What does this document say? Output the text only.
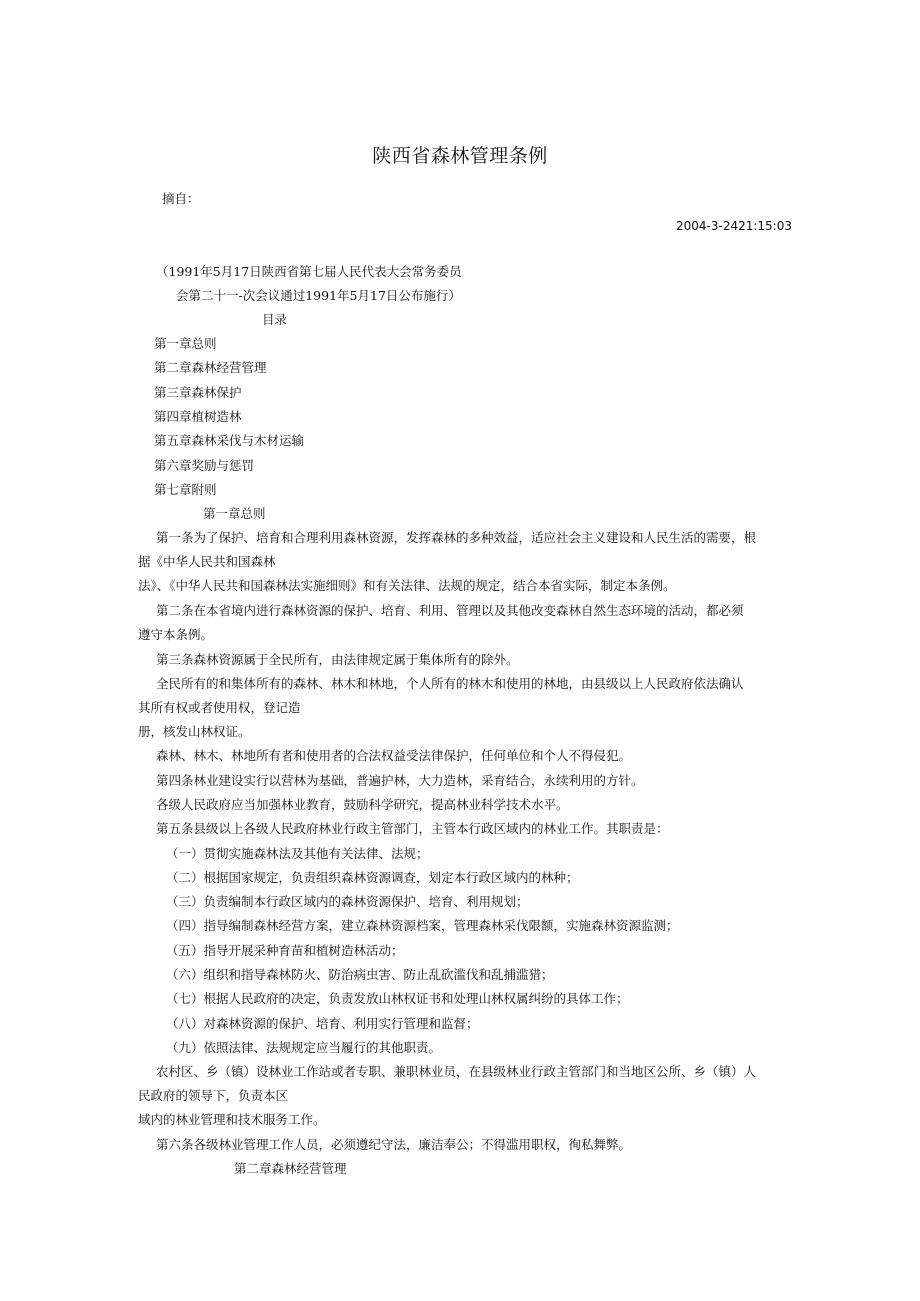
陕西省森林管理条例
摘自：
2004-3-2421:15:03
（1991年5月17日陕西省第七届人民代表大会常务委员
会第二十一-次会议通过1991年5月17日公布施行）
目录
第一章总则
第二章森林经营管理
第三章森林保护
第四章植树造林
第五章森林采伐与木材运输
第六章奖励与惩罚
第七章附则
第一章总则
第一条为了保护、培育和合理利用森林资源，发挥森林的多种效益，适应社会主义建设和人民生活的需要，根
据《中华人民共和国森林
法》、《中华人民共和国森林法实施细则》和有关法律、法规的规定，结合本省实际，制定本条例。
第二条在本省境内进行森林资源的保护、培育、利用、管理以及其他改变森林自然生态环境的活动，都必须
遵守本条例。
第三条森林资源属于全民所有，由法律规定属于集体所有的除外。
全民所有的和集体所有的森林、林木和林地，个人所有的林木和使用的林地，由县级以上人民政府依法确认
其所有权或者使用权，登记造
册，核发山林权证。
森林、林木、林地所有者和使用者的合法权益受法律保护，任何单位和个人不得侵犯。
第四条林业建设实行以营林为基础，普遍护林，大力造林，采育结合，永续利用的方针。
各级人民政府应当加强林业教育，鼓励科学研究，提高林业科学技术水平。
第五条县级以上各级人民政府林业行政主管部门，主管本行政区域内的林业工作。其职责是：
（一）贯彻实施森林法及其他有关法律、法规；
（二）根据国家规定，负责组织森林资源调查，划定本行政区域内的林种；
（三）负责编制本行政区域内的森林资源保护、培育、利用规划；
（四）指导编制森林经营方案，建立森林资源档案，管理森林采伐限额，实施森林资源监测；
（五）指导开展采种育苗和植树造林活动；
（六）组织和指导森林防火、防治病虫害、防止乱砍滥伐和乱捕滥猎；
（七）根据人民政府的决定，负责发放山林权证书和处理山林权属纠纷的具体工作；
（八）对森林资源的保护、培育、利用实行管理和监督；
（九）依照法律、法规规定应当履行的其他职责。
农村区、乡（镇）设林业工作站或者专职、兼职林业员，在县级林业行政主管部门和当地区公所、乡（镇）人
民政府的领导下，负责本区
域内的林业管理和技术服务工作。
第六条各级林业管理工作人员，必须遵纪守法，廉洁奉公；不得滥用职权，徇私舞弊。
第二章森林经营管理
